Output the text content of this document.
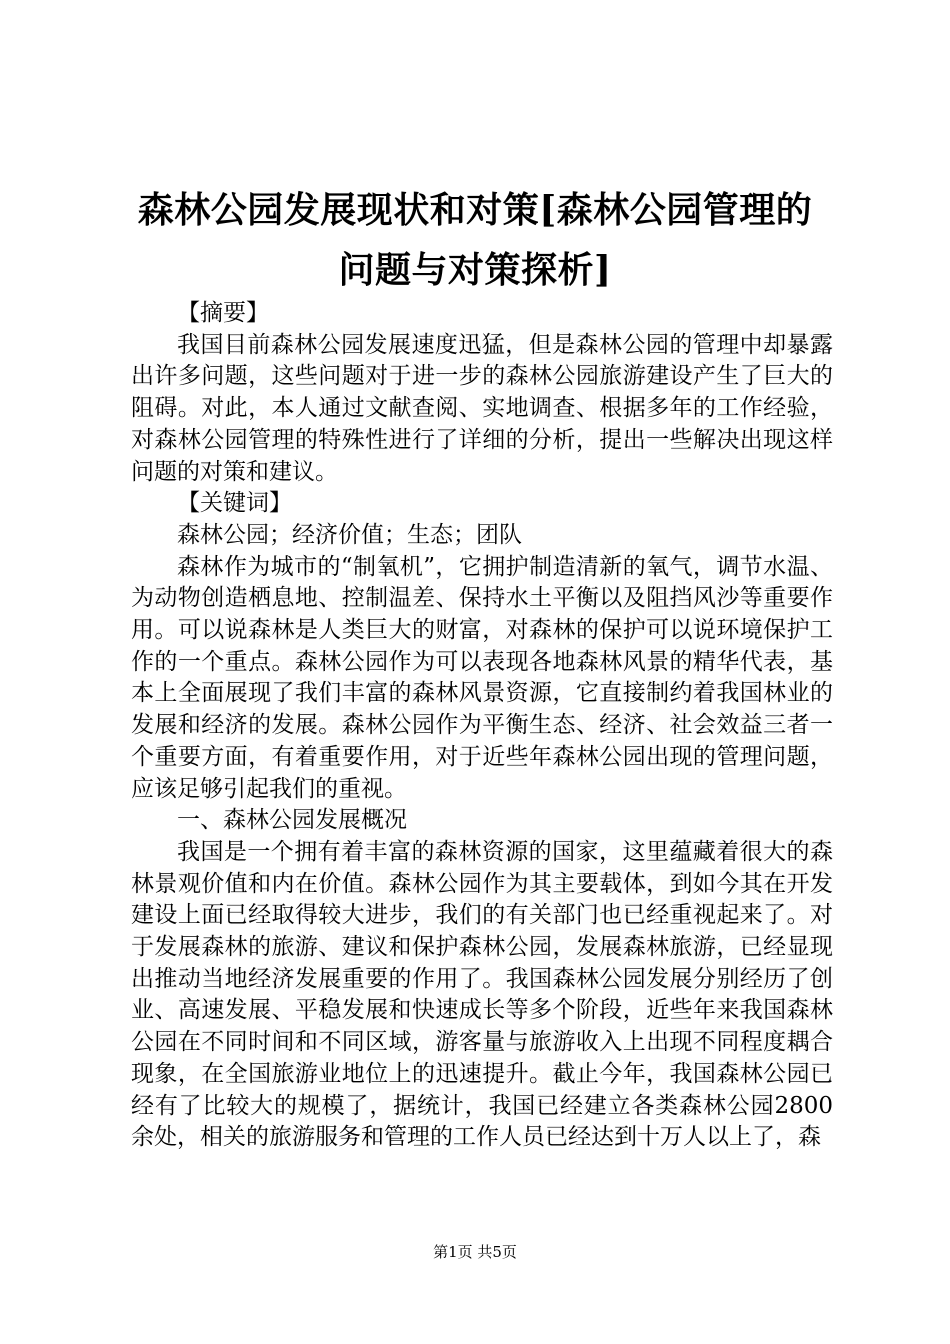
森林公园发展现状和对策[森林公园管理的问题与对策探析]

【摘要】

我国目前森林公园发展速度迅猛，但是森林公园的管理中却暴露出许多问题，这些问题对于进一步的森林公园旅游建设产生了巨大的阻碍。对此，本人通过文献查阅、实地调查、根据多年的工作经验，对森林公园管理的特殊性进行了详细的分析，提出一些解决出现这样问题的对策和建议。

【关键词】

森林公园；经济价值；生态；团队

森林作为城市的“制氧机”，它拥护制造清新的氧气，调节水温、为动物创造栖息地、控制温差、保持水土平衡以及阻挡风沙等重要作用。可以说森林是人类巨大的财富，对森林的保护可以说环境保护工作的一个重点。森林公园作为可以表现各地森林风景的精华代表，基本上全面展现了我们丰富的森林风景资源，它直接制约着我国林业的发展和经济的发展。森林公园作为平衡生态、经济、社会效益三者一个重要方面，有着重要作用，对于近些年森林公园出现的管理问题，应该足够引起我们的重视。

一、森林公园发展概况

我国是一个拥有着丰富的森林资源的国家，这里蕴藏着很大的森林景观价值和内在价值。森林公园作为其主要载体，到如今其在开发建设上面已经取得较大进步，我们的有关部门也已经重视起来了。对于发展森林的旅游、建议和保护森林公园，发展森林旅游，已经显现出推动当地经济发展重要的作用了。我国森林公园发展分别经历了创业、高速发展、平稳发展和快速成长等多个阶段，近些年来我国森林公园在不同时间和不同区域，游客量与旅游收入上出现不同程度耦合现象，在全国旅游业地位上的迅速提升。截止今年，我国森林公园已经有了比较大的规模了，据统计，我国已经建立各类森林公园2800余处，相关的旅游服务和管理的工作人员已经达到十万人以上了，森

第1页 共5页
